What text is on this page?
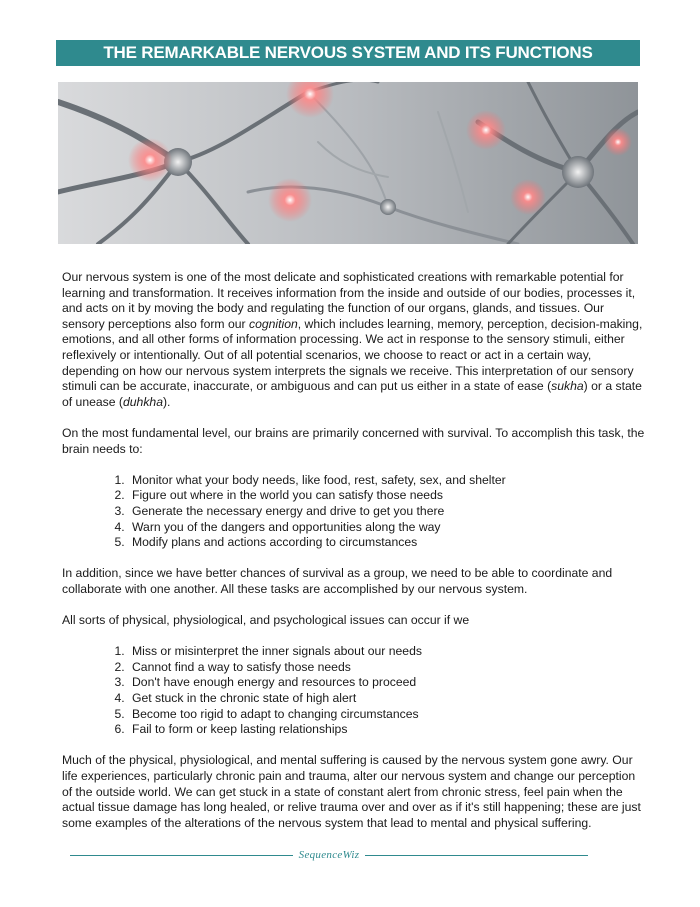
THE REMARKABLE NERVOUS SYSTEM AND ITS FUNCTIONS

Our nervous system is one of the most delicate and sophisticated creations with remarkable potential for learning and transformation. It receives information from the inside and outside of our bodies, processes it, and acts on it by moving the body and regulating the function of our organs, glands, and tissues. Our sensory perceptions also form our cognition, which includes learning, memory, perception, decision-making, emotions, and all other forms of information processing. We act in response to the sensory stimuli, either reflexively or intentionally. Out of all potential scenarios, we choose to react or act in a certain way, depending on how our nervous system interprets the signals we receive. This interpretation of our sensory stimuli can be accurate, inaccurate, or ambiguous and can put us either in a state of ease (sukha) or a state of unease (duhkha).

On the most fundamental level, our brains are primarily concerned with survival. To accomplish this task, the brain needs to:

1. Monitor what your body needs, like food, rest, safety, sex, and shelter
2. Figure out where in the world you can satisfy those needs
3. Generate the necessary energy and drive to get you there
4. Warn you of the dangers and opportunities along the way
5. Modify plans and actions according to circumstances

In addition, since we have better chances of survival as a group, we need to be able to coordinate and collaborate with one another. All these tasks are accomplished by our nervous system.

All sorts of physical, physiological, and psychological issues can occur if we

1. Miss or misinterpret the inner signals about our needs
2. Cannot find a way to satisfy those needs
3. Don't have enough energy and resources to proceed
4. Get stuck in the chronic state of high alert
5. Become too rigid to adapt to changing circumstances
6. Fail to form or keep lasting relationships

Much of the physical, physiological, and mental suffering is caused by the nervous system gone awry. Our life experiences, particularly chronic pain and trauma, alter our nervous system and change our perception of the outside world. We can get stuck in a state of constant alert from chronic stress, feel pain when the actual tissue damage has long healed, or relive trauma over and over as if it's still happening; these are just some examples of the alterations of the nervous system that lead to mental and physical suffering.

SequenceWiz
